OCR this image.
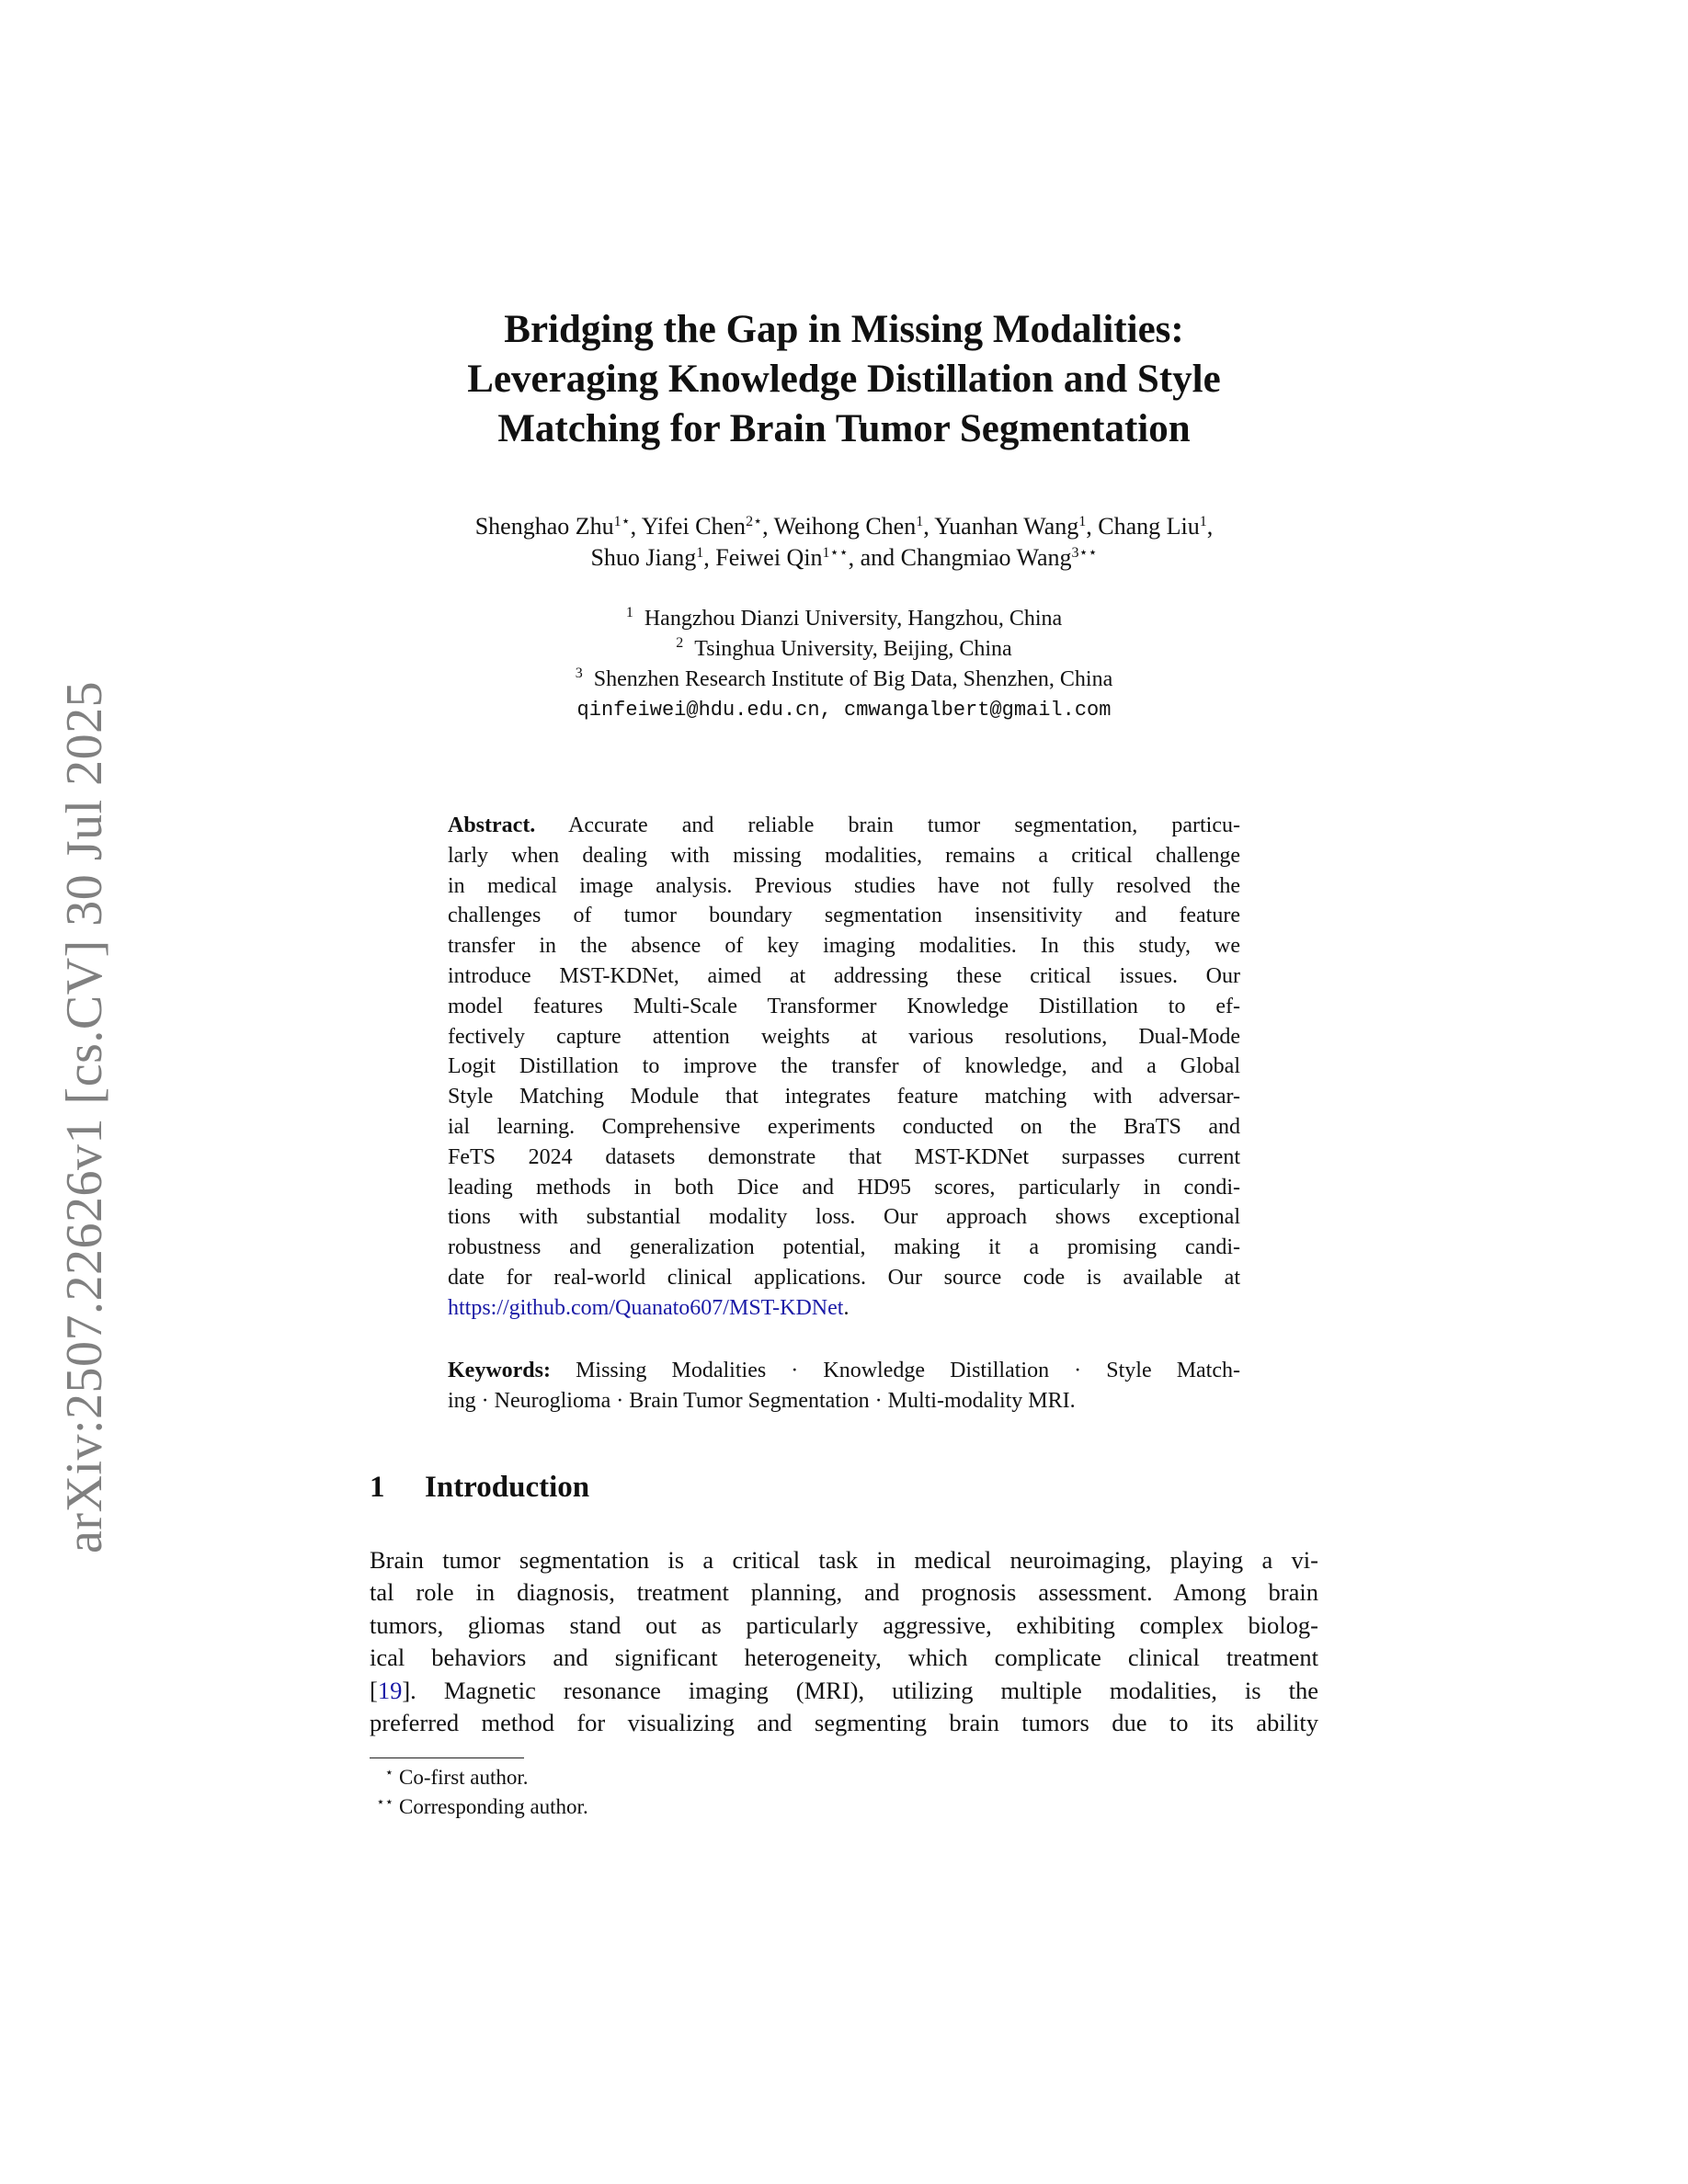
arXiv:2507.22626v1 [cs.CV] 30 Jul 2025
Bridging the Gap in Missing Modalities:
Leveraging Knowledge Distillation and Style
Matching for Brain Tumor Segmentation
Shenghao Zhu$^{1⋆}$, Yifei Chen$^{2⋆}$, Weihong Chen$^1$, Yuanhan Wang$^1$, Chang Liu$^1$,
Shuo Jiang$^1$, Feiwei Qin$^{1⋆⋆}$, and Changmiao Wang$^{3⋆⋆}$
$^1$ Hangzhou Dianzi University, Hangzhou, China
$^2$ Tsinghua University, Beijing, China
$^3$ Shenzhen Research Institute of Big Data, Shenzhen, China
qinfeiwei@hdu.edu.cn, cmwangalbert@gmail.com
Abstract. Accurate and reliable brain tumor segmentation, particu-
larly when dealing with missing modalities, remains a critical challenge
in medical image analysis. Previous studies have not fully resolved the
challenges of tumor boundary segmentation insensitivity and feature
transfer in the absence of key imaging modalities. In this study, we
introduce MST-KDNet, aimed at addressing these critical issues. Our
model features Multi-Scale Transformer Knowledge Distillation to ef-
fectively capture attention weights at various resolutions, Dual-Mode
Logit Distillation to improve the transfer of knowledge, and a Global
Style Matching Module that integrates feature matching with adversar-
ial learning. Comprehensive experiments conducted on the BraTS and
FeTS 2024 datasets demonstrate that MST-KDNet surpasses current
leading methods in both Dice and HD95 scores, particularly in condi-
tions with substantial modality loss. Our approach shows exceptional
robustness and generalization potential, making it a promising candi-
date for real-world clinical applications. Our source code is available at
https://github.com/Quanato607/MST-KDNet.
Keywords: Missing Modalities · Knowledge Distillation · Style Match-
ing · Neuroglioma · Brain Tumor Segmentation · Multi-modality MRI.
1 Introduction
Brain tumor segmentation is a critical task in medical neuroimaging, playing a vi-
tal role in diagnosis, treatment planning, and prognosis assessment. Among brain
tumors, gliomas stand out as particularly aggressive, exhibiting complex biolog-
ical behaviors and significant heterogeneity, which complicate clinical treatment
[19]. Magnetic resonance imaging (MRI), utilizing multiple modalities, is the
preferred method for visualizing and segmenting brain tumors due to its ability
⋆ Co-first author.
⋆⋆ Corresponding author.
